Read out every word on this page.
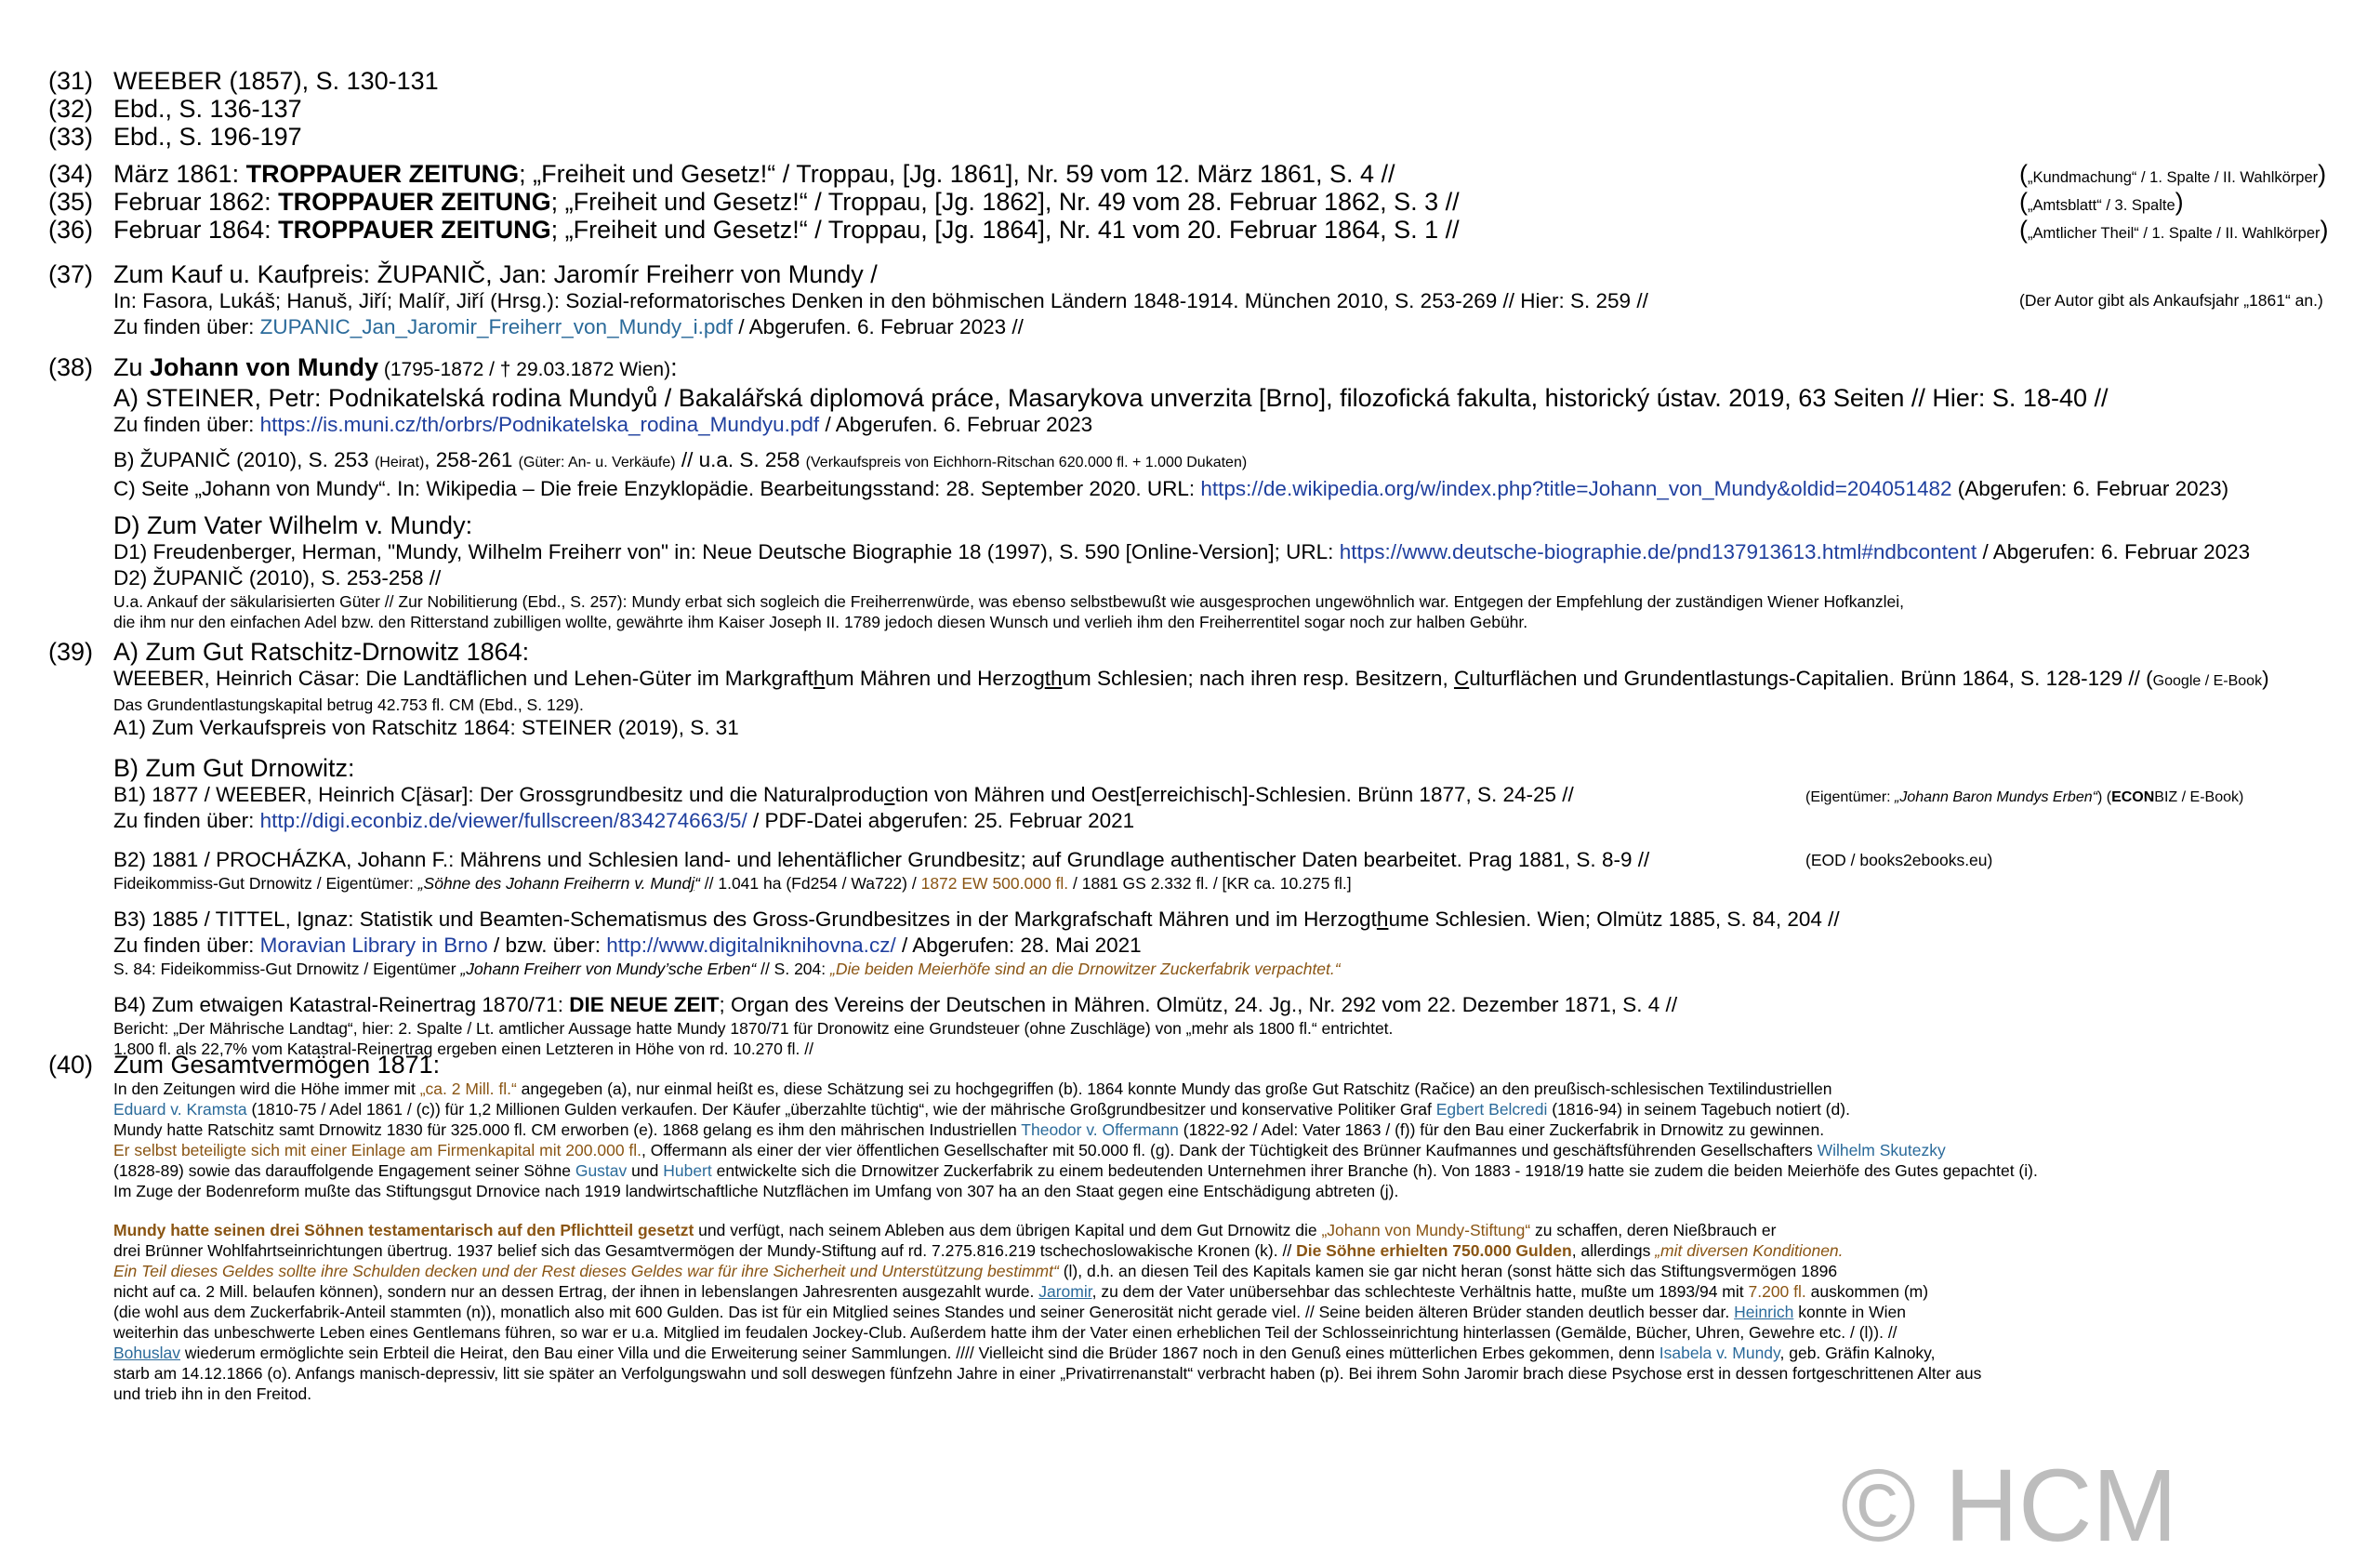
(31) WEEBER (1857), S. 130-131
(32) Ebd., S. 136-137
(33) Ebd., S. 196-197
(34) März 1861: TROPPAUER ZEITUNG; „Freiheit und Gesetz!“ / Troppau, [Jg. 1861], Nr. 59 vom 12. März 1861, S. 4 //	(„Kundmachung“ / 1. Spalte / II. Wahlkörper)
(35) Februar 1862: TROPPAUER ZEITUNG; „Freiheit und Gesetz!“ / Troppau, [Jg. 1862], Nr. 49 vom 28. Februar 1862, S. 3 //	(„Amtsblatt“ / 3. Spalte)
(36) Februar 1864: TROPPAUER ZEITUNG; „Freiheit und Gesetz!“ / Troppau, [Jg. 1864], Nr. 41 vom 20. Februar 1864, S. 1 //	(„Amtlicher Theil“ / 1. Spalte / II. Wahlkörper)
(37) Zum Kauf u. Kaufpreis: ŽUPANIČ, Jan: Jaromír Freiherr von Mundy /
In: Fasora, Lukáš; Hanuš, Jiří; Malíř, Jiří (Hrsg.): Sozial-reformatorisches Denken in den böhmischen Ländern 1848-1914. München 2010, S. 253-269 // Hier: S. 259 //
Zu finden über: ZUPANIC_Jan_Jaromir_Freiherr_von_Mundy_i.pdf / Abgerufen. 6. Februar 2023 //
(Der Autor gibt als Ankaufsjahr „1861“ an.)
(38) Zu Johann von Mundy (1795-1872 / † 29.03.1872 Wien):
A) STEINER, Petr: Podnikatelská rodina Mundyů / Bakalářská diplomová práce, Masarykova unverzita [Brno], filozofická fakulta, historický ústav. 2019, 63 Seiten // Hier: S. 18-40 //
Zu finden über: https://is.muni.cz/th/orbrs/Podnikatelska_rodina_Mundyu.pdf / Abgerufen. 6. Februar 2023
B) ŽUPANIČ (2010), S. 253 (Heirat), 258-261 (Güter: An- u. Verkäufe) // u.a. S. 258 (Verkaufspreis von Eichhorn-Ritschan 620.000 fl. + 1.000 Dukaten)
C) Seite „Johann von Mundy“. In: Wikipedia – Die freie Enzyklopädie. Bearbeitungsstand: 28. September 2020. URL: https://de.wikipedia.org/w/index.php?title=Johann_von_Mundy&oldid=204051482 (Abgerufen: 6. Februar 2023)
D) Zum Vater Wilhelm v. Mundy:
D1) Freudenberger, Herman, "Mundy, Wilhelm Freiherr von" in: Neue Deutsche Biographie 18 (1997), S. 590 [Online-Version]; URL: https://www.deutsche-biographie.de/pnd137913613.html#ndbcontent / Abgerufen: 6. Februar 2023
D2) ŽUPANIČ (2010), S. 253-258 //
U.a. Ankauf der säkularisierten Güter // Zur Nobilitierung (Ebd., S. 257): Mundy erbat sich sogleich die Freiherrenwürde, was ebenso selbstbewußt wie ausgesprochen ungewöhnlich war. Entgegen der Empfehlung der zuständigen Wiener Hofkanzlei,
die ihm nur den einfachen Adel bzw. den Ritterstand zubilligen wollte, gewährte ihm Kaiser Joseph II. 1789 jedoch diesen Wunsch und verlieh ihm den Freiherrentitel sogar noch zur halben Gebühr.
(39) A) Zum Gut Ratschitz-Drnowitz 1864:
WEEBER, Heinrich Cäsar: Die Landtäflichen und Lehen-Güter im Markgrafthum Mähren und Herzogthum Schlesien; nach ihren resp. Besitzern, Culturflächen und Grundentlastungs-Capitalien. Brünn 1864, S. 128-129 // (Google / E-Book)
Das Grundentlastungskapital betrug 42.753 fl. CM (Ebd., S. 129).
A1) Zum Verkaufspreis von Ratschitz 1864: STEINER (2019), S. 31
B) Zum Gut Drnowitz:
B1) 1877 / WEEBER, Heinrich C[äsar]: Der Grossgrundbesitz und die Naturalproduction von Mähren und Oest[erreichisch]-Schlesien. Brünn 1877, S. 24-25 //	(Eigentümer: „Johann Baron Mundys Erben“) (ECONBIZ / E-Book)
Zu finden über: http://digi.econbiz.de/viewer/fullscreen/834274663/5/ / PDF-Datei abgerufen: 25. Februar 2021
B2) 1881 / PROCHÁZKA, Johann F.: Mährens und Schlesien land- und lehentäflicher Grundbesitz; auf Grundlage authentischer Daten bearbeitet. Prag 1881, S. 8-9 //	(EOD / books2ebooks.eu)
Fideikommiss-Gut Drnowitz / Eigentümer: „Söhne des Johann Freiherrn v. Mundj“ // 1.041 ha (Fd254 / Wa722) / 1872 EW 500.000 fl. / 1881 GS 2.332 fl. / [KR ca. 10.275 fl.]
B3) 1885 / TITTEL, Ignaz: Statistik und Beamten-Schematismus des Gross-Grundbesitzes in der Markgrafschaft Mähren und im Herzogthume Schlesien. Wien; Olmütz 1885, S. 84, 204 //
Zu finden über: Moravian Library in Brno / bzw. über: http://www.digitalniknihovna.cz/ / Abgerufen: 28. Mai 2021
S. 84: Fideikommiss-Gut Drnowitz / Eigentümer „Johann Freiherr von Mundy’sche Erben“ // S. 204: „Die beiden Meierhöfe sind an die Drnowitzer Zuckerfabrik verpachtet.“
B4) Zum etwaigen Katastral-Reinertrag 1870/71: DIE NEUE ZEIT; Organ des Vereins der Deutschen in Mähren. Olmütz, 24. Jg., Nr. 292 vom 22. Dezember 1871, S. 4 //
Bericht: „Der Mährische Landtag“, hier: 2. Spalte / Lt. amtlicher Aussage hatte Mundy 1870/71 für Dronowitz eine Grundsteuer (ohne Zuschläge) von „mehr als 1800 fl.“ entrichtet.
1.800 fl. als 22,7% vom Katastral-Reinertrag ergeben einen Letzteren in Höhe von rd. 10.270 fl. //
(40) Zum Gesamtvermögen 1871:
In den Zeitungen wird die Höhe immer mit „ca. 2 Mill. fl.“ angegeben (a), nur einmal heißt es, diese Schätzung sei zu hochgegriffen (b). 1864 konnte Mundy das große Gut Ratschitz (Račice) an den preußisch-schlesischen Textilindustriellen
Eduard v. Kramsta (1810-75 / Adel 1861 / (c)) für 1,2 Millionen Gulden verkaufen. Der Käufer „überzahlte tüchtig“, wie der mährische Großgrundbesitzer und konservative Politiker Graf Egbert Belcredi (1816-94) in seinem Tagebuch notiert (d).
Mundy hatte Ratschitz samt Drnowitz 1830 für 325.000 fl. CM erworben (e). 1868 gelang es ihm den mährischen Industriellen Theodor v. Offermann (1822-92 / Adel: Vater 1863 / (f)) für den Bau einer Zuckerfabrik in Drnowitz zu gewinnen.
Er selbst beteiligte sich mit einer Einlage am Firmenkapital mit 200.000 fl., Offermann als einer der vier öffentlichen Gesellschafter mit 50.000 fl. (g). Dank der Tüchtigkeit des Brünner Kaufmannes und geschäftsführenden Gesellschafters Wilhelm Skutezky
(1828-89) sowie das darauffolgende Engagement seiner Söhne Gustav und Hubert entwickelte sich die Drnowitzer Zuckerfabrik zu einem bedeutenden Unternehmen ihrer Branche (h). Von 1883 - 1918/19 hatte sie zudem die beiden Meierhöfe des Gutes gepachtet (i).
Im Zuge der Bodenreform mußte das Stiftungsgut Drnovice nach 1919 landwirtschaftliche Nutzflächen im Umfang von 307 ha an den Staat gegen eine Entschädigung abtreten (j).
Mundy hatte seinen drei Söhnen testamentarisch auf den Pflichtteil gesetzt und verfügt, nach seinem Ableben aus dem übrigen Kapital und dem Gut Drnowitz die „Johann von Mundy-Stiftung“ zu schaffen, deren Nießbrauch er
drei Brünner Wohlfahrtseinrichtungen übertrug. 1937 belief sich das Gesamtvermögen der Mundy-Stiftung auf rd. 7.275.816.219 tschechoslowakische Kronen (k). // Die Söhne erhielten 750.000 Gulden, allerdings „mit diversen Konditionen.
Ein Teil dieses Geldes sollte ihre Schulden decken und der Rest dieses Geldes war für ihre Sicherheit und Unterstützung bestimmt“ (l), d.h. an diesen Teil des Kapitals kamen sie gar nicht heran (sonst hätte sich das Stiftungsvermögen 1896
nicht auf ca. 2 Mill. belaufen können), sondern nur an dessen Ertrag, der ihnen in lebenslangen Jahresrenten ausgezahlt wurde. Jaromir, zu dem der Vater unübersehbar das schlechteste Verhältnis hatte, mußte um 1893/94 mit 7.200 fl. auskommen (m)
(die wohl aus dem Zuckerfabrik-Anteil stammten (n)), monatlich also mit 600 Gulden. Das ist für ein Mitglied seines Standes und seiner Generosität nicht gerade viel. // Seine beiden älteren Brüder standen deutlich besser dar. Heinrich konnte in Wien
weiterhin das unbeschwerte Leben eines Gentlemans führen, so war er u.a. Mitglied im feudalen Jockey-Club. Außerdem hatte ihm der Vater einen erheblichen Teil der Schlosseinrichtung hinterlassen (Gemälde, Bücher, Uhren, Gewehre etc. / (l)). //
Bohuslav wiederum ermöglichte sein Erbteil die Heirat, den Bau einer Villa und die Erweiterung seiner Sammlungen. //// Vielleicht sind die Brüder 1867 noch in den Genuß eines mütterlichen Erbes gekommen, denn Isabela v. Mundy, geb. Gräfin Kalnoky,
starb am 14.12.1866 (o). Anfangs manisch-depressiv, litt sie später an Verfolgungswahn und soll deswegen fünfzehn Jahre in einer „Privatirrenanstalt“ verbracht haben (p). Bei ihrem Sohn Jaromir brach diese Psychose erst in dessen fortgeschrittenen Alter aus
und trieb ihn in den Freitod.
© HCM
